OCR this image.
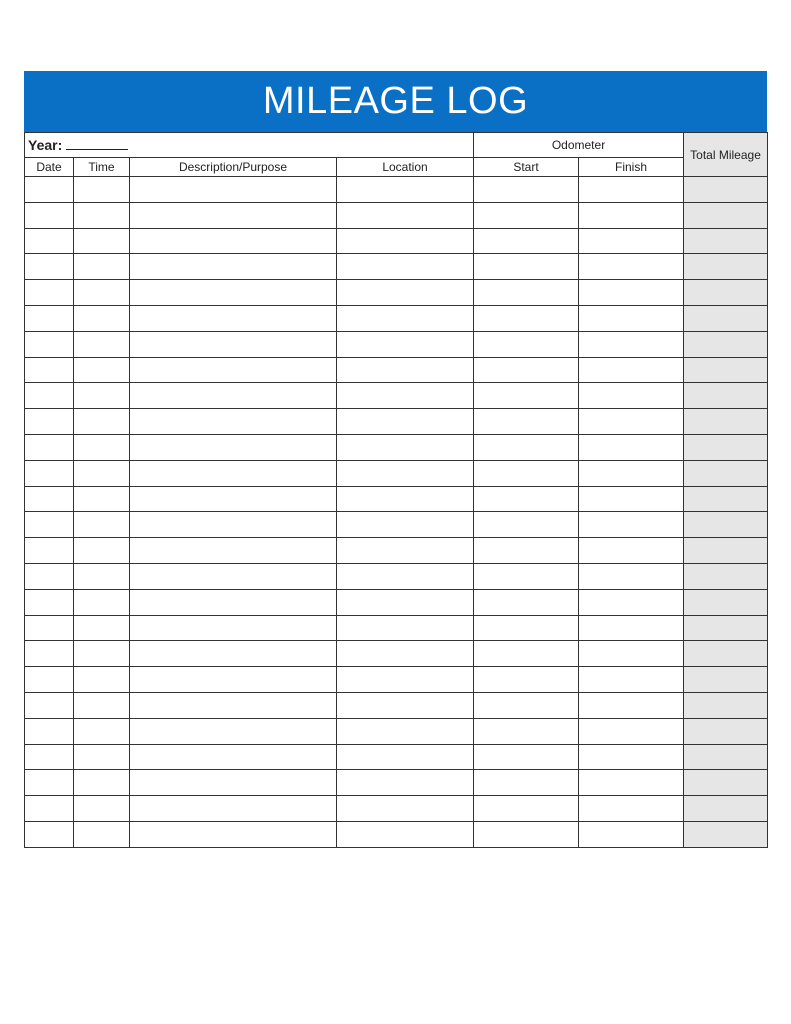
MILEAGE LOG
Year:				Odometer		Total Mileage
Date	Time	Description/Purpose	Location	Start	Finish	
